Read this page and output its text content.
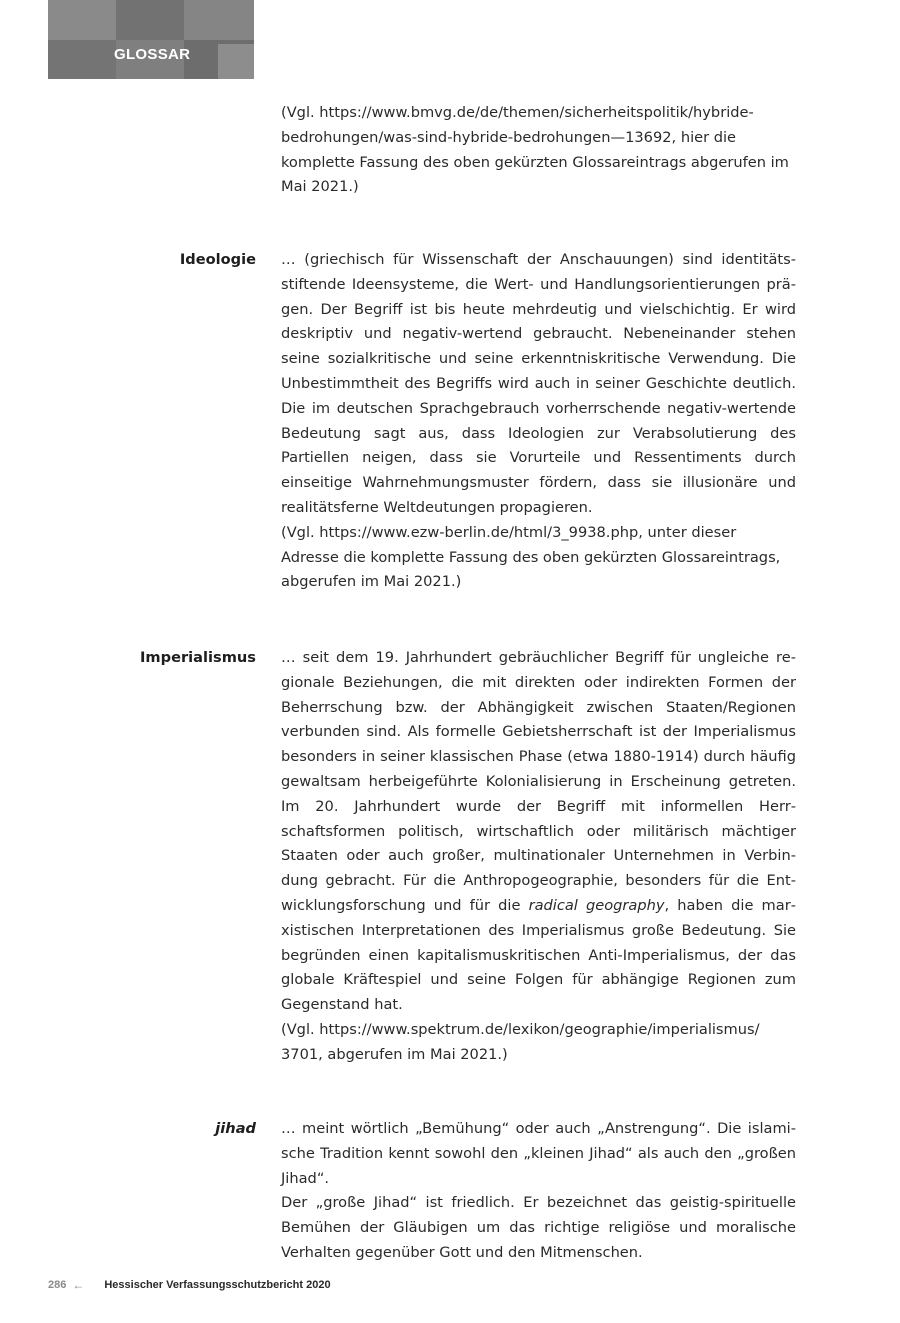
GLOSSAR

(Vgl. https://www.bmvg.de/de/themen/sicherheitspolitik/hybride-bedrohungen/was-sind-hybride-bedrohungen—13692, hier die komplette Fassung des oben gekürzten Glossareintrags abgerufen im Mai 2021.)

Ideologie … (griechisch für Wissenschaft der Anschauungen) sind identitätsstiftende Ideensysteme, die Wert- und Handlungsorientierungen prägen. Der Begriff ist bis heute mehrdeutig und vielschichtig. Er wird deskriptiv und negativ-wertend gebraucht. Nebeneinander stehen seine sozialkritische und seine erkenntniskritische Verwendung. Die Unbestimmtheit des Begriffs wird auch in seiner Geschichte deutlich. Die im deutschen Sprachgebrauch vorherrschende negativ-wertende Bedeutung sagt aus, dass Ideologien zur Verabsolutierung des Partiellen neigen, dass sie Vorurteile und Ressentiments durch einseitige Wahrnehmungsmuster fördern, dass sie illusionäre und realitätsferne Weltdeutungen propagieren.

(Vgl. https://www.ezw-berlin.de/html/3_9938.php, unter dieser Adresse die komplette Fassung des oben gekürzten Glossareintrags, abgerufen im Mai 2021.)

Imperialismus … seit dem 19. Jahrhundert gebräuchlicher Begriff für ungleiche regionale Beziehungen, die mit direkten oder indirekten Formen der Beherrschung bzw. der Abhängigkeit zwischen Staaten/Regionen verbunden sind. Als formelle Gebietsherrschaft ist der Imperialismus besonders in seiner klassischen Phase (etwa 1880-1914) durch häufig gewaltsam herbeigeführte Kolonialisierung in Erscheinung getreten. Im 20. Jahrhundert wurde der Begriff mit informellen Herrschaftsformen politisch, wirtschaftlich oder militärisch mächtiger Staaten oder auch großer, multinationaler Unternehmen in Verbindung gebracht. Für die Anthropogeographie, besonders für die Entwicklungsforschung und für die radical geography, haben die marxistischen Interpretationen des Imperialismus große Bedeutung. Sie begründen einen kapitalismuskritischen Anti-Imperialismus, der das globale Kräftespiel und seine Folgen für abhängige Regionen zum Gegenstand hat.

(Vgl. https://www.spektrum.de/lexikon/geographie/imperialismus/ 3701, abgerufen im Mai 2021.)

jihad … meint wörtlich „Bemühung“ oder auch „Anstrengung“. Die islamische Tradition kennt sowohl den „kleinen Jihad“ als auch den „großen Jihad“.

Der „große Jihad“ ist friedlich. Er bezeichnet das geistig-spirituelle Bemühen der Gläubigen um das richtige religiöse und moralische Verhalten gegenüber Gott und den Mitmenschen.

286 ← Hessischer Verfassungsschutzbericht 2020
